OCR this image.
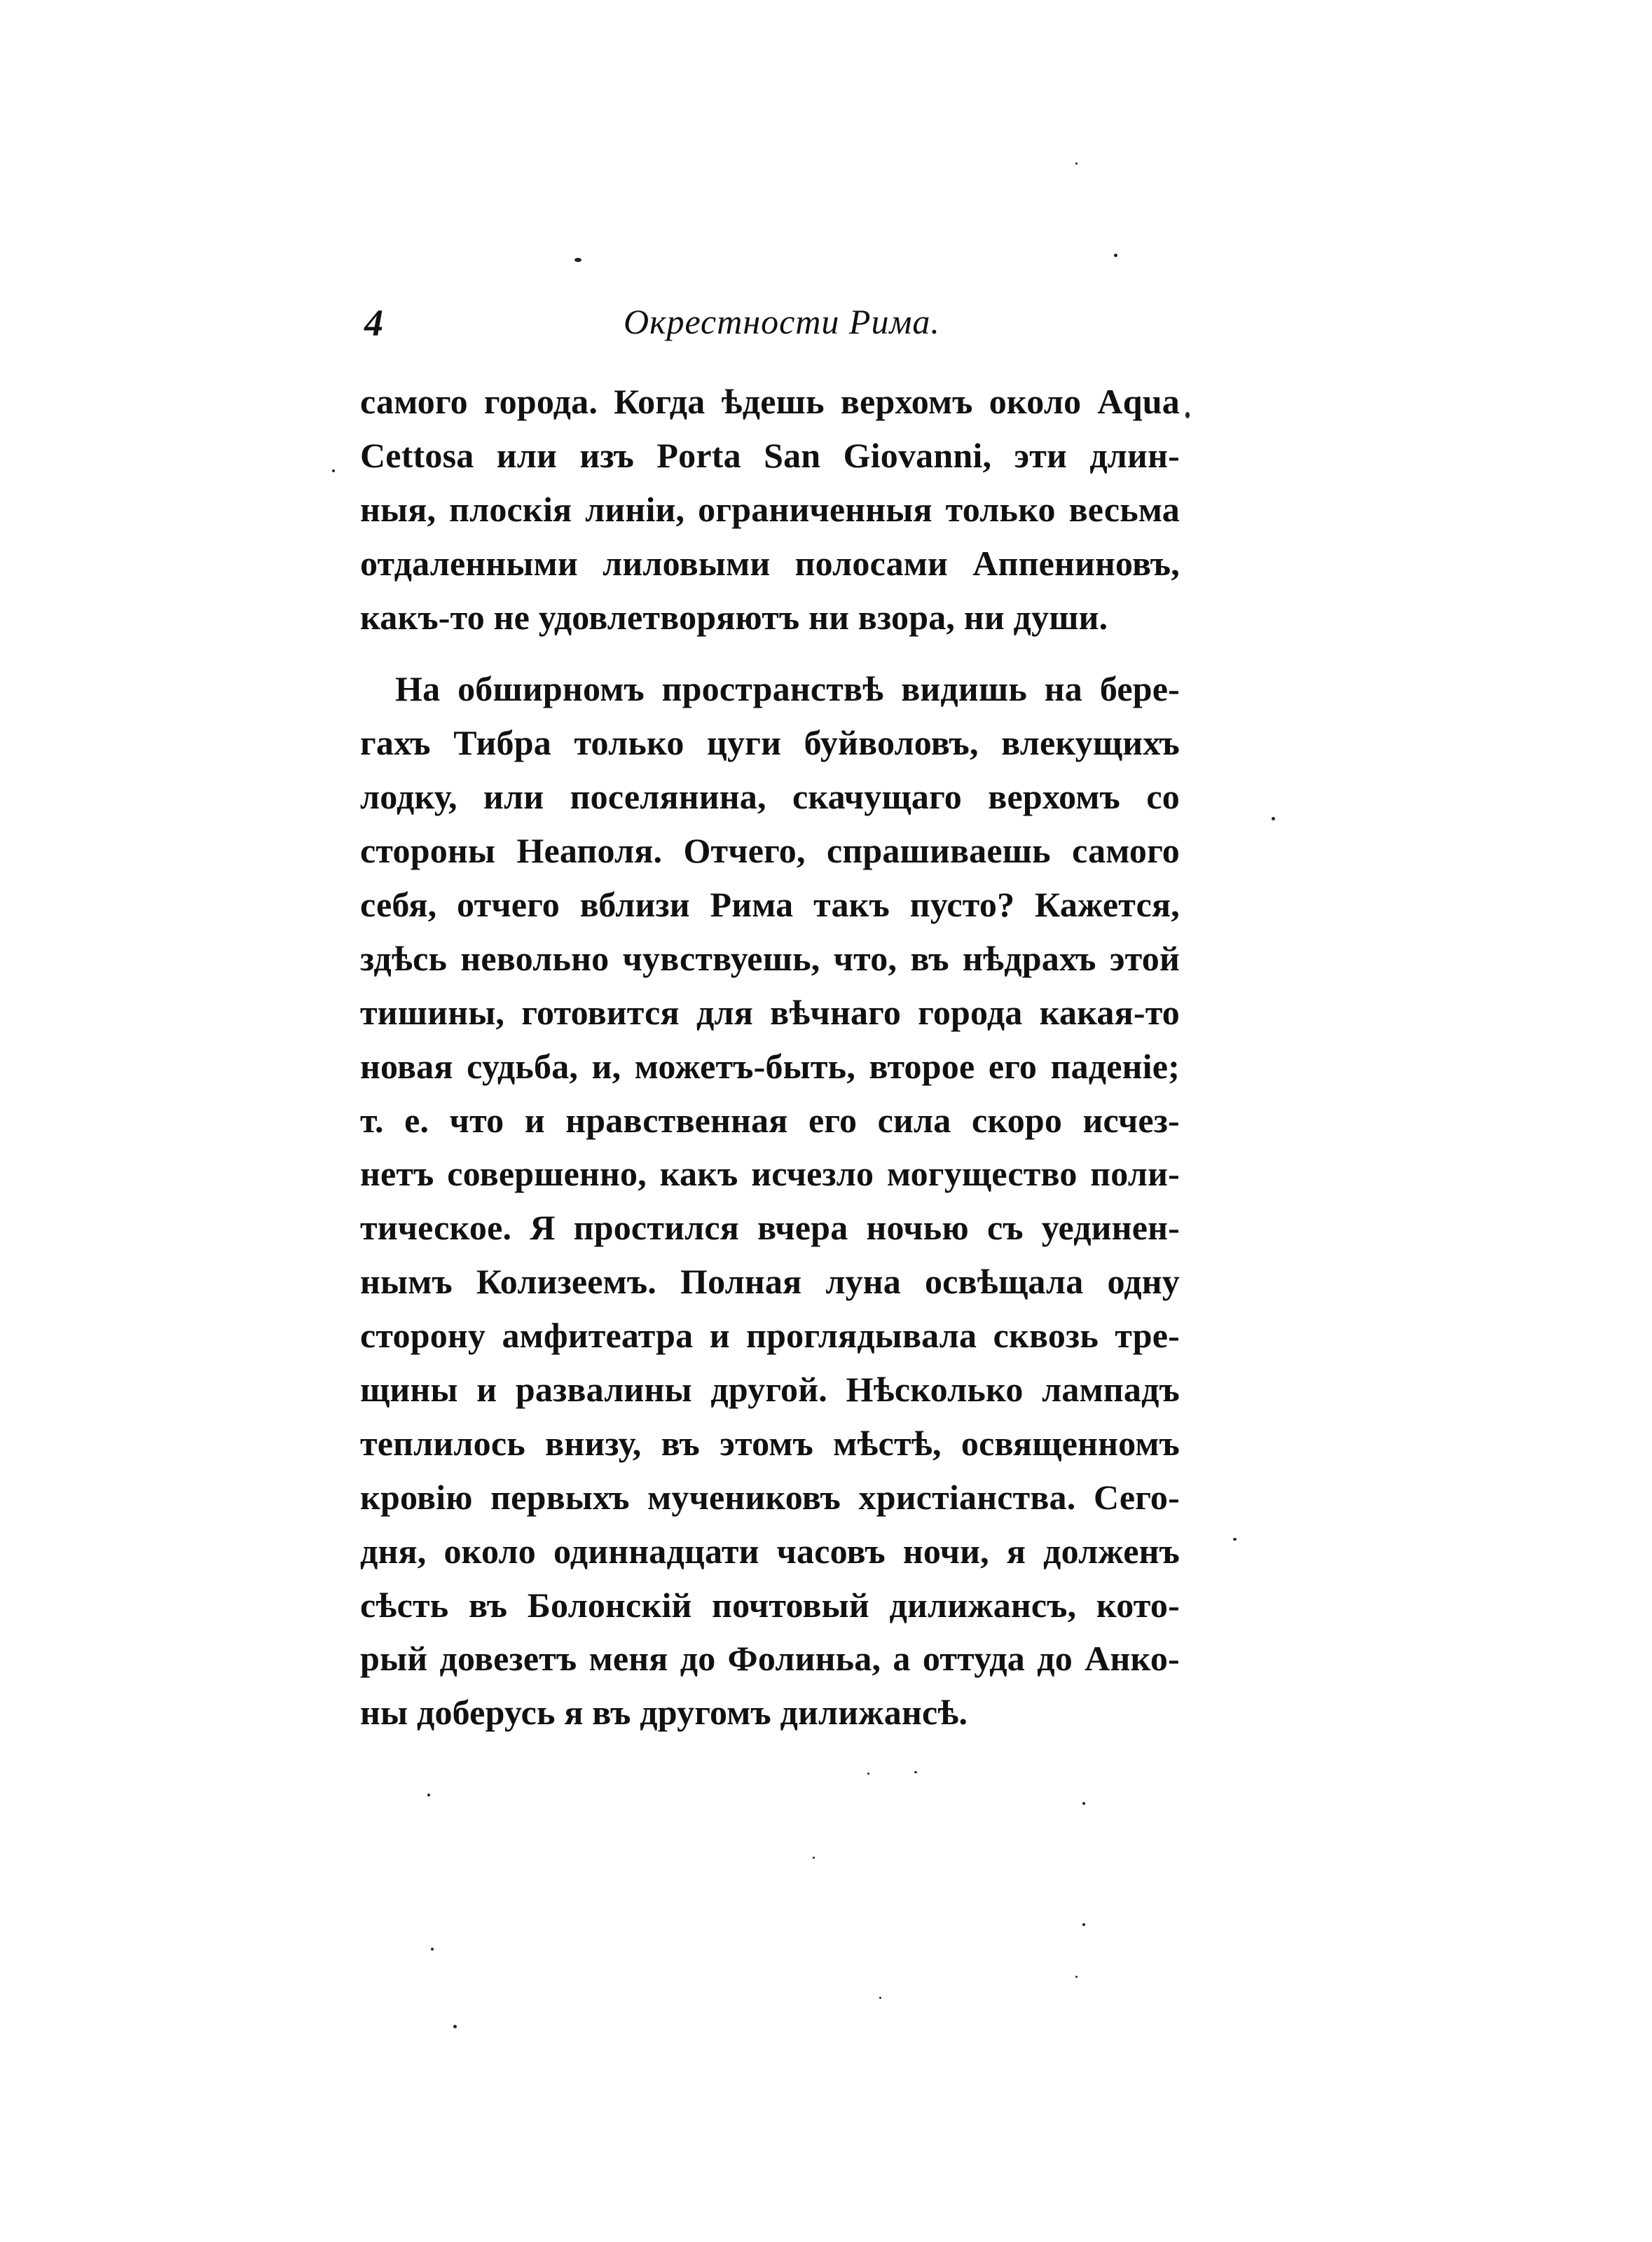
4	Окрестности Рима.
самого города. Когда ѣдешь верхомъ около Aqua
Cettosa или изъ Porta San Giovanni, эти длин-
ныя, плоскія линіи, ограниченныя только весьма
отдаленными лиловыми полосами Аппениновъ,
какъ-то не удовлетворяютъ ни взора, ни души.
На обширномъ пространствѣ видишь на бере-
гахъ Тибра только цуги буйволовъ, влекущихъ
лодку, или поселянина, скачущаго верхомъ со
стороны Неаполя. Отчего, спрашиваешь самого
себя, отчего вблизи Рима такъ пусто? Кажется,
здѣсь невольно чувствуешь, что, въ нѣдрахъ этой
тишины, готовится для вѣчнаго города какая-то
новая судьба, и, можетъ-быть, второе его паденіе;
т. е. что и нравственная его сила скоро исчез-
нетъ совершенно, какъ исчезло могущество поли-
тическое. Я простился вчера ночью съ уединен-
нымъ Колизеемъ. Полная луна освѣщала одну
сторону амфитеатра и проглядывала сквозь тре-
щины и развалины другой. Нѣсколько лампадъ
теплилось внизу, въ этомъ мѣстѣ, освященномъ
кровію первыхъ мучениковъ христіанства. Сего-
дня, около одиннадцати часовъ ночи, я долженъ
сѣсть въ Болонскій почтовый дилижансъ, кото-
рый довезетъ меня до Фолиньа, а оттуда до Анко-
ны доберусь я въ другомъ дилижансѣ.
